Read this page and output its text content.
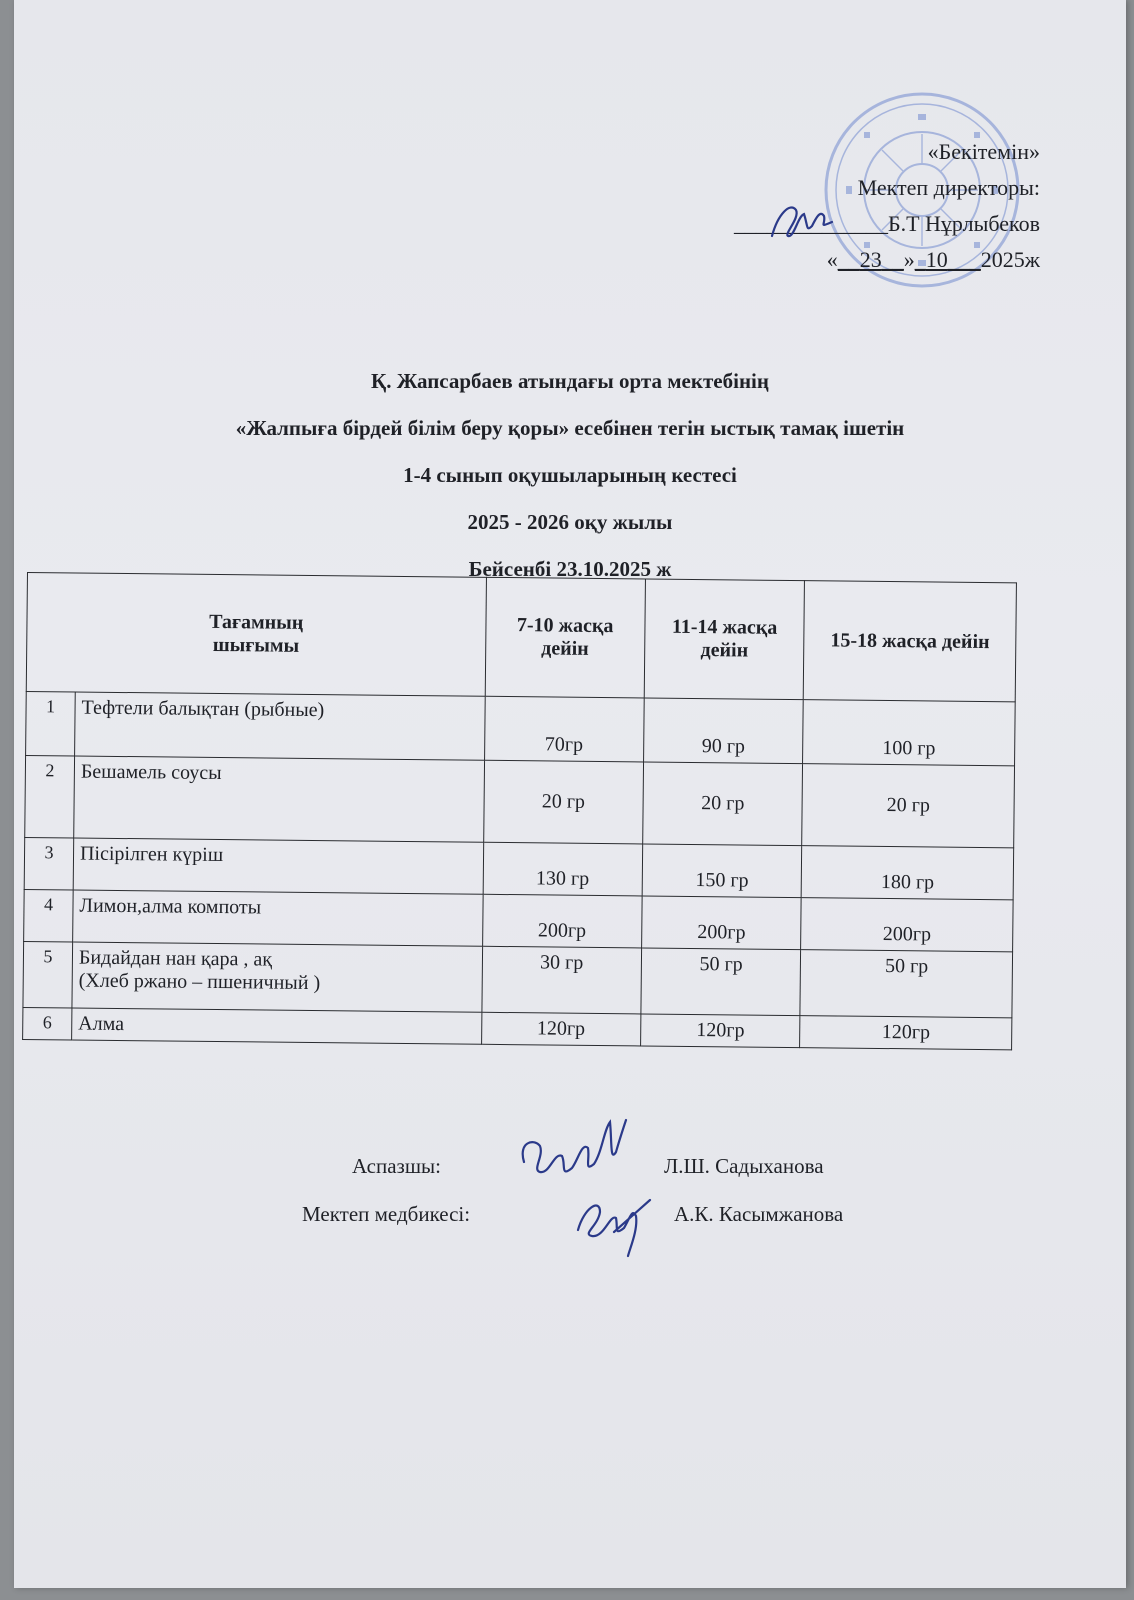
«Бекітемін»
Мектеп директоры:
______________Б.Т Нұрлыбеков
«__23__»_10___2025ж
Қ. Жапсарбаев атындағы орта мектебінің
«Жалпыға бірдей білім беру қоры» есебінен тегін ыстық тамақ ішетін
1-4 сынып оқушыларының кестесі
2025 - 2026 оқу жылы
Бейсенбі 23.10.2025 ж
Тағамның
шығымы		7-10 жасқа дейін	11-14 жасқа дейін	15-18 жасқа дейін
1	Тефтели балықтан (рыбные)	70гр	90 гр	100 гр
2	Бешамель соусы	20 гр	20 гр	20 гр
3	Пісірілген күріш	130 гр	150 гр	180 гр
4	Лимон,алма компоты	200гр	200гр	200гр
5	Бидайдан нан қара , ақ
(Хлеб ржано – пшеничный )	30 гр	50 гр	50 гр
6	Алма	120гр	120гр	120гр
Аспазшы:	Л.Ш. Садыханова
Мектеп медбикесі:	А.К. Касымжанова
